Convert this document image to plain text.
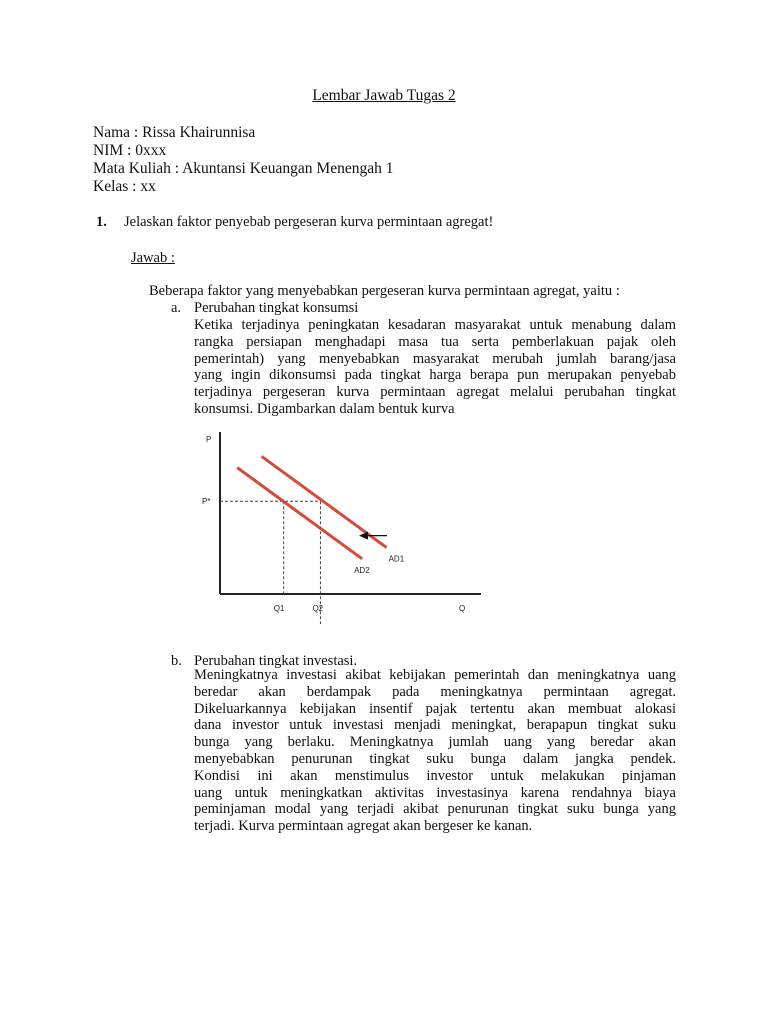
Lembar Jawab Tugas 2
Nama : Rissa Khairunnisa
NIM : 0xxx
Mata Kuliah : Akuntansi Keuangan Menengah 1
Kelas : xx
1. Jelaskan faktor penyebab pergeseran kurva permintaan agregat!
Jawab :
Beberapa faktor yang menyebabkan pergeseran kurva permintaan agregat, yaitu :
a. Perubahan tingkat konsumsi
Ketika terjadinya peningkatan kesadaran masyarakat untuk menabung dalam
rangka persiapan menghadapi masa tua serta pemberlakuan pajak oleh
pemerintah) yang menyebabkan masyarakat merubah jumlah barang/jasa
yang ingin dikonsumsi pada tingkat harga berapa pun merupakan penyebab
terjadinya pergeseran kurva permintaan agregat melalui perubahan tingkat
konsumsi. Digambarkan dalam bentuk kurva
P
Q
P*
Q1	Q2
AD1
AD2
b. Perubahan tingkat investasi.
Meningkatnya investasi akibat kebijakan pemerintah dan meningkatnya uang
beredar akan berdampak pada meningkatnya permintaan agregat.
Dikeluarkannya kebijakan insentif pajak tertentu akan membuat alokasi
dana investor untuk investasi menjadi meningkat, berapapun tingkat suku
bunga yang berlaku. Meningkatnya jumlah uang yang beredar akan
menyebabkan penurunan tingkat suku bunga dalam jangka pendek.
Kondisi ini akan menstimulus investor untuk melakukan pinjaman
uang untuk meningkatkan aktivitas investasinya karena rendahnya biaya
peminjaman modal yang terjadi akibat penurunan tingkat suku bunga yang
terjadi. Kurva permintaan agregat akan bergeser ke kanan.
